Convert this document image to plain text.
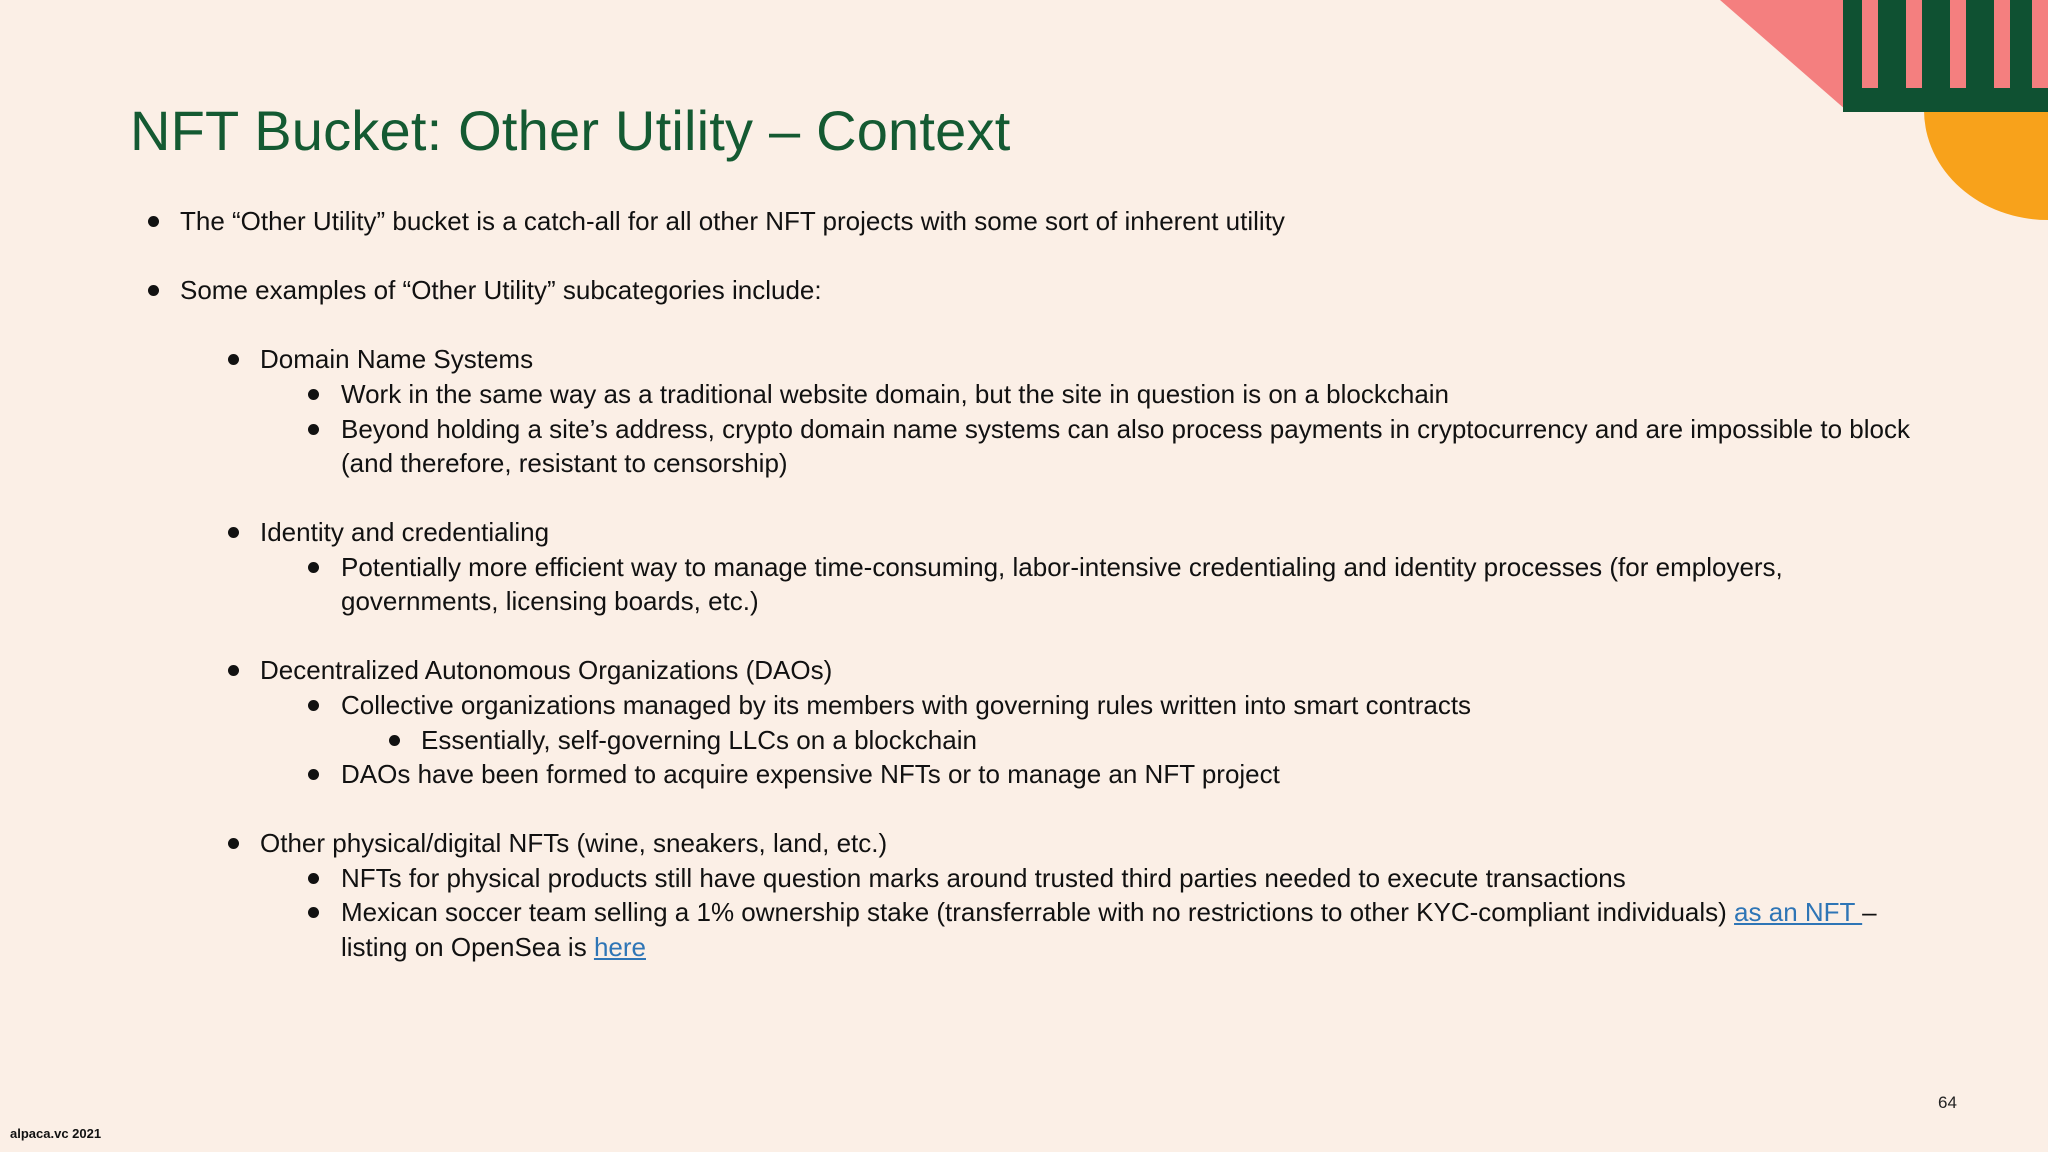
NFT Bucket: Other Utility – Context
The “Other Utility” bucket is a catch-all for all other NFT projects with some sort of inherent utility
Some examples of “Other Utility” subcategories include:
Domain Name Systems
Work in the same way as a traditional website domain, but the site in question is on a blockchain
Beyond holding a site’s address, crypto domain name systems can also process payments in cryptocurrency and are impossible to block
(and therefore, resistant to censorship)
Identity and credentialing
Potentially more efficient way to manage time-consuming, labor-intensive credentialing and identity processes (for employers,
governments, licensing boards, etc.)
Decentralized Autonomous Organizations (DAOs)
Collective organizations managed by its members with governing rules written into smart contracts
Essentially, self-governing LLCs on a blockchain
DAOs have been formed to acquire expensive NFTs or to manage an NFT project
Other physical/digital NFTs (wine, sneakers, land, etc.)
NFTs for physical products still have question marks around trusted third parties needed to execute transactions
Mexican soccer team selling a 1% ownership stake (transferrable with no restrictions to other KYC-compliant individuals) as an NFT –
listing on OpenSea is here
64
alpaca.vc 2021
